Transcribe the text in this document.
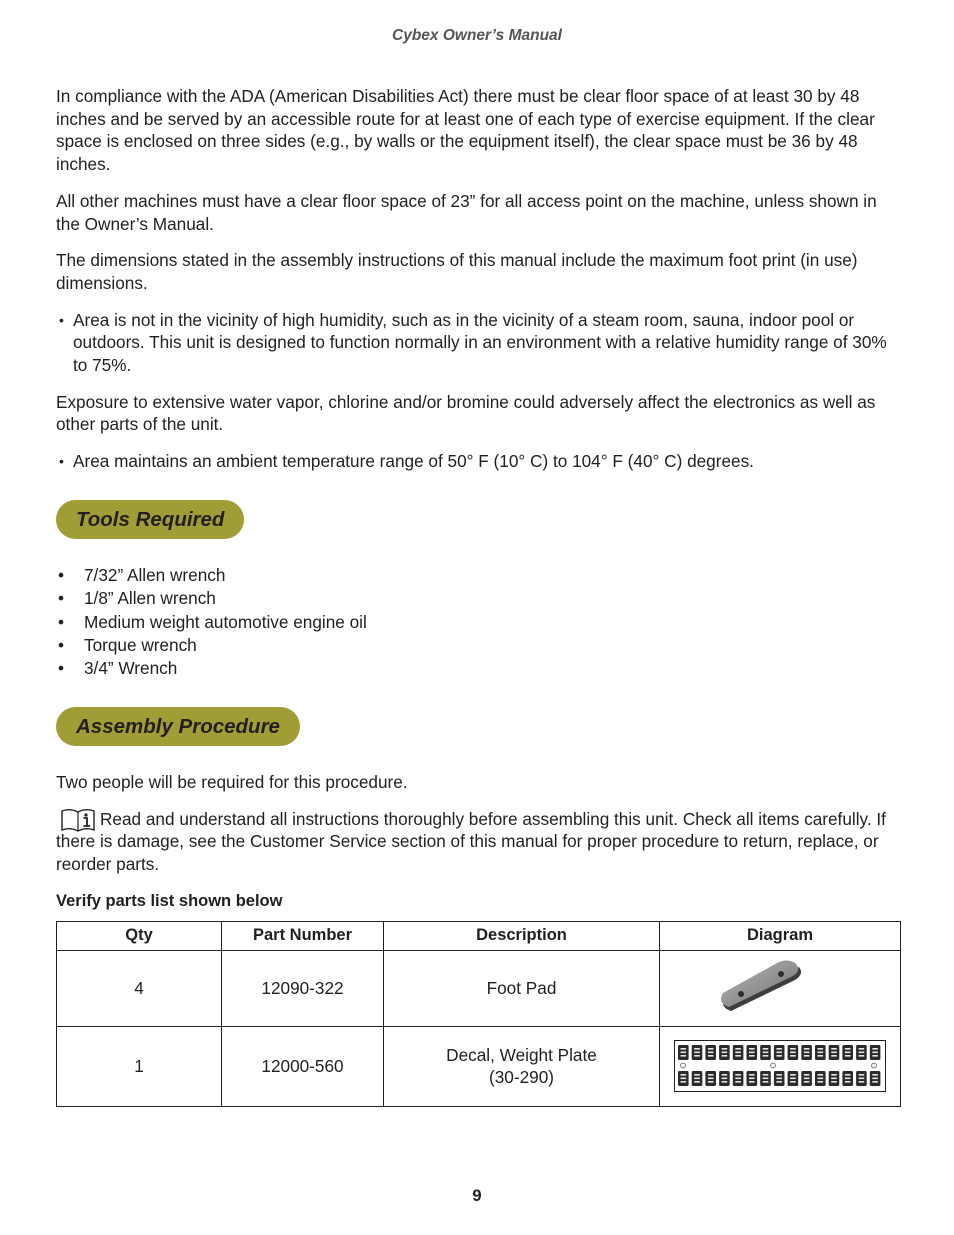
Cybex Owner’s Manual

In compliance with the ADA (American Disabilities Act) there must be clear floor space of at least 30 by 48 inches and be served by an accessible route for at least one of each type of exercise equipment. If the clear space is enclosed on three sides (e.g., by walls or the equipment itself), the clear space must be 36 by 48 inches.

All other machines must have a clear floor space of 23” for all access point on the machine, unless shown in the Owner’s Manual.

The dimensions stated in the assembly instructions of this manual include the maximum foot print (in use) dimensions.

• Area is not in the vicinity of high humidity, such as in the vicinity of a steam room, sauna, indoor pool or outdoors. This unit is designed to function normally in an environment with a relative humidity range of 30% to 75%.

Exposure to extensive water vapor, chlorine and/or bromine could adversely affect the electronics as well as other parts of the unit.

• Area maintains an ambient temperature range of 50° F (10° C) to 104° F (40° C) degrees.
Tools Required
• 7/32” Allen wrench
• 1/8” Allen wrench
• Medium weight automotive engine oil
• Torque wrench
• 3/4” Wrench
Assembly Procedure

Two people will be required for this procedure.

Read and understand all instructions thoroughly before assembling this unit. Check all items carefully. If there is damage, see the Customer Service section of this manual for proper procedure to return, replace, or reorder parts.

Verify parts list shown below
Qty	Part Number	Description	Diagram
4	12090-322	Foot Pad	

1	12000-560	Decal, Weight Plate
(30-290)

9
